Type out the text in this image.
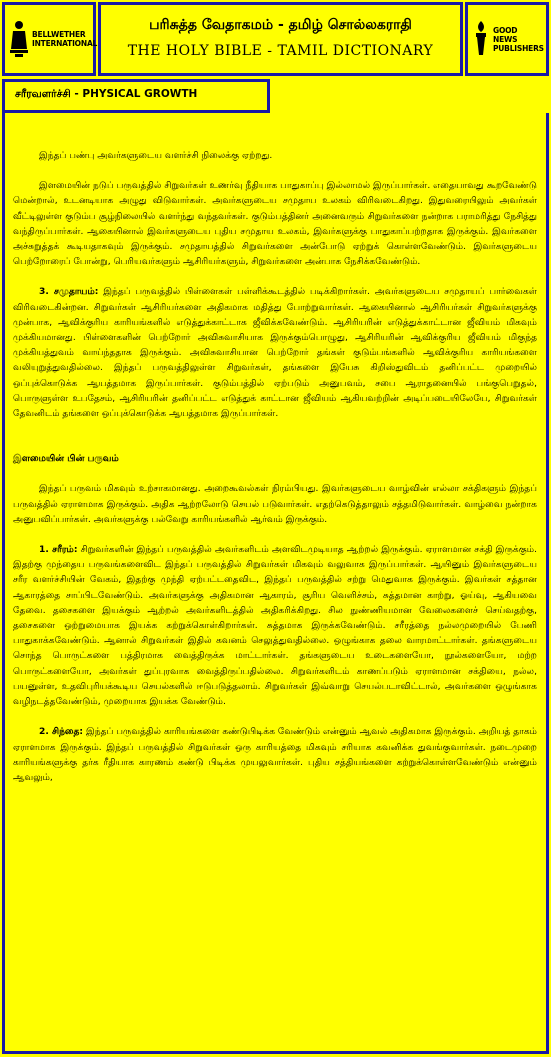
BELLWETHER INTERNATIONAL
பரிசுத்த வேதாகமம் - தமிழ் சொல்லகராதி
THE HOLY BIBLE - TAMIL DICTIONARY
GOOD NEWS PUBLISHERS
சரீரவளர்ச்சி - PHYSICAL GROWTH

இந்தப் பண்பு அவர்களுடைய வளர்ச்சி நிலைக்கு ஏற்றது.

இளமையின் நடுப் பருவத்தில் சிறுவர்கள் உணர்வு நீதியாக பாதுகாப்பு இல்லாமல் இருப்பார்கள். எதையாவது கூறவேண்டு மென்றால், உடனடியாக அழுது விடுவார்கள். அவர்களுடைய சமுதாய உலகம் விரிவடைகிறது. இதுவரையிலும் அவர்கள் வீட்டிலுள்ள குடும்ப சூழ்நிலையில் வளர்ந்து வந்தவர்கள். குடும்பத்தினர் அனைவரும் சிறுவர்களை நன்றாக பராமரித்து நேசித்து வந்திருப்பார்கள். ஆகையினால் இவர்களுடைய புதிய சமுதாய உலகம், இவர்களுக்கு பாதுகாப்பற்றதாக இருக்கும். இவர்களை அச்சுறுத்தக் கூடியதாகவும் இருக்கும். சமுதாயத்தில் சிறுவர்களை அன்போடு ஏற்றுக் கொள்ளவேண்டும். இவர்களுடைய பெற்றோரைப் போன்று, பெரியவர்களும் ஆசிரியர்களும், சிறுவர்களை அன்பாக நேசிக்கவேண்டும்.

3. சமுதாயம்: இந்தப் பருவத்தில் பிள்ளைகள் பள்ளிக்கூடத்தில் படிக்கிறார்கள். அவர்களுடைய சமுதாயப் பார்வைகள் விரிவடைகின்றன. சிறுவர்கள் ஆசிரியர்களை அதிகமாக மதித்து போற்றுவார்கள். ஆகையினால் ஆசிரியர்கள் சிறுவர்களுக்கு முன்பாக, ஆவிக்குரிய காரியங்களில் எடுத்துக்காட்டாக ஜீவிக்கவேண்டும். ஆசிரியரின் எடுத்துக்காட்டான ஜீவியம் மிகவும் முக்கியமானது. பிள்ளைகளின் பெற்றோர் அவிசுவாசியாக இருக்கும்பொழுது, ஆசிரியரின் ஆவிக்குரிய ஜீவியம் மிகுந்த முக்கியத்துவம் வாய்ந்ததாக இருக்கும். அவிசுவாசியான பெற்றோர் தங்கள் குடும்பங்களில் ஆவிக்குரிய காரியங்களை வலியுறுத்துவதில்லை. இந்தப் பருவத்திலுள்ள சிறுவர்கள், தங்களை இயேசு கிறிஸ்துவிடம் தனிப்பட்ட முறையில் ஒப்புக்கொடுக்க ஆயத்தமாக இருப்பார்கள். குடும்பத்தில் ஏற்படும் அனுபவம், சபை ஆராதனையில் பங்குபெறுதல், பொருளுள்ள உபதேசம், ஆசிரியரின் தனிப்பட்ட எடுத்துக் காட்டான ஜீவியம் ஆகியவற்றின் அடிப்படையிலேயே, சிறுவர்கள் தேவனிடம் தங்களை ஒப்புக்கொடுக்க ஆயத்தமாக இருப்பார்கள்.

இளமையின் பின் பருவம்

இந்தப் பருவம் மிகவும் உற்சாகமானது. அறைகூவல்கள் நிரம்பியது. இவர்களுடைய வாழ்வின் எல்லா சக்திகளும் இந்தப் பருவத்தில் ஏராளமாக இருக்கும். அதிக ஆற்றலோடு செயல் படுவார்கள். எதற்கெடுத்தாலும் சத்தமிடுவார்கள். வாழ்வை நன்றாக அனுபவிப்பார்கள். அவர்களுக்கு பல்வேறு காரியங்களில் ஆர்வம் இருக்கும்.

1. சரீரம்: சிறுவர்களின் இந்தப் பருவத்தில் அவர்களிடம் அளவிடமுடியாத ஆற்றல் இருக்கும். ஏராளமான சக்தி இருக்கும். இதற்கு முந்தைய பருவங்களைவிட இந்தப் பருவத்தில் சிறுவர்கள் மிகவும் வலுவாக இருப்பார்கள். ஆயினும் இவர்களுடைய சரீர வளர்ச்சியின் வேகம், இதற்கு முந்தி ஏற்பட்டதைவிட, இந்தப் பருவத்தில் சற்று மெதுவாக இருக்கும். இவர்கள் சத்தான ஆகாரத்தை சாப்பிடவேண்டும். அவர்களுக்கு அதிகமான ஆகாரம், சூரிய வெளிச்சம், சுத்தமான காற்று, ஓய்வு, ஆகியவை தேவை. தசைகளை இயக்கும் ஆற்றல் அவர்களிடத்தில் அதிகரிக்கிறது. சில நுண்ணியமான வேலைகளைச் செய்வதற்கு, தசைகளை ஒற்றுமையாக இயக்க கற்றுக்கொள்கிறார்கள். சுத்தமாக இருக்கவேண்டும். சரீரத்தை நல்லமுறையில் பேணி பாதுகாக்கவேண்டும். ஆனால் சிறுவர்கள் இதில் கவனம் செலுத்துவதில்லை. ஒழுங்காக தலை வாரமாட்டார்கள். தங்களுடைய சொந்த பொருட்களை பத்திரமாக வைத்திருக்க மாட்டார்கள். தங்களுடைய உடைகளையோ, நூல்களையோ, மற்ற பொருட்களையோ, அவர்கள் துப்புரவாக வைத்திருப்பதில்லை. சிறுவர்களிடம் காணப்படும் ஏராளமான சக்தியை, நல்ல, பயனுள்ள, உதவிபுரியக்கூடிய செயல்களில் ஈடுபடுத்தலாம். சிறுவர்கள் இவ்வாறு செயல்படாவிட்டால், அவர்களை ஒழுங்காக வழிநடத்தவேண்டும், முறையாக இயக்க வேண்டும்.

2. சிந்தை: இந்தப் பருவத்தில் காரியங்களை கண்டுபிடிக்க வேண்டும் என்னும் ஆவல் அதிகமாக இருக்கும். அறியத் தாகம் ஏராளமாக இருக்கும். இந்தப் பருவத்தில் சிறுவர்கள் ஒரு காரியத்தை மிகவும் சரியாக கவனிக்க துவங்குவார்கள். நடைமுறை காரியங்களுக்கு தர்க ரீதியாக காரணம் கண்டு பிடிக்க முயலுவார்கள். புதிய சத்தியங்களை கற்றுக்கொள்ளவேண்டும் என்னும் ஆவலும்,
